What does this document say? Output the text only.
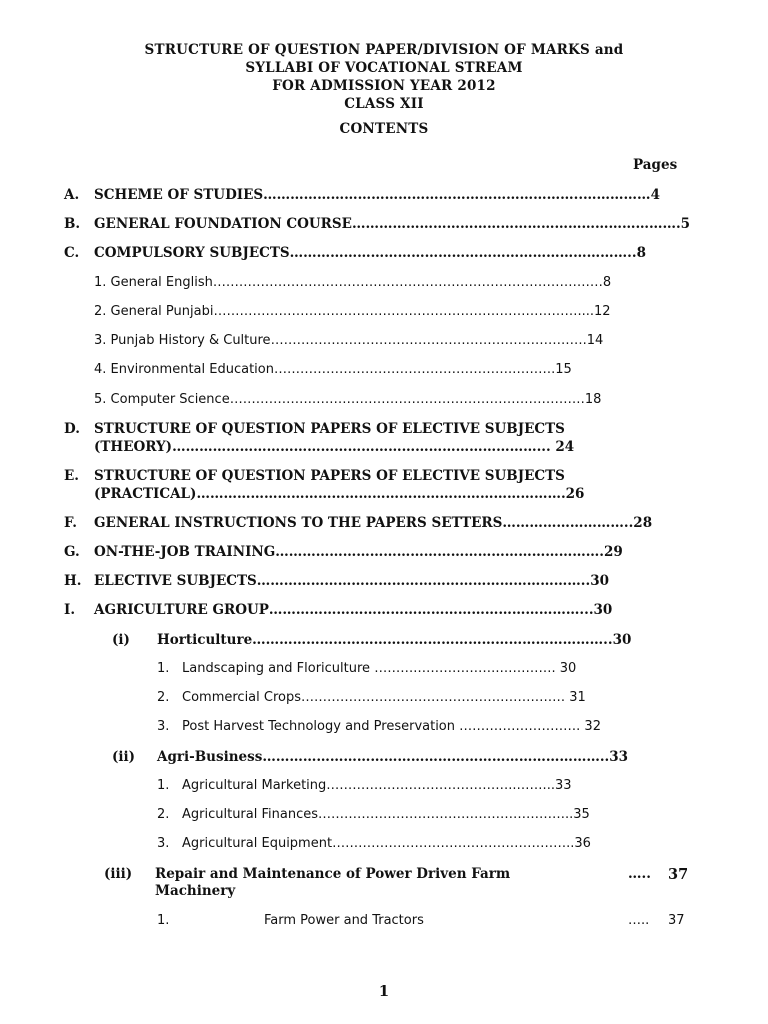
STRUCTURE OF QUESTION PAPER/DIVISION OF MARKS and
SYLLABI OF VOCATIONAL STREAM
FOR ADMISSION YEAR 2012
CLASS XII
CONTENTS
Pages
A. SCHEME OF STUDIES……………………………………………………………..……………4
B. GENERAL FOUNDATION COURSE……………………………………………………………….5
C. COMPULSORY SUBJECTS…………………………………………………………………..8
1. General English………………………………………………………………………………8
2. General Punjabi…………………………………………………………………………....12
3. Punjab History & Culture……………………………………………………………….14
4. Environmental Education……………………………………………….……….15
5. Computer Science……………….………………………………………………………18
D. STRUCTURE OF QUESTION PAPERS OF ELECTIVE SUBJECTS
(THEORY)………………………………………………………………………... 24
E. STRUCTURE OF QUESTION PAPERS OF ELECTIVE SUBJECTS
(PRACTICAL)……………………………………………………………………….26
F. GENERAL INSTRUCTIONS TO THE PAPERS SETTERS………………………..28
G. ON-THE-JOB TRAINING……………………………………………………………….29
H. ELECTIVE SUBJECTS………………………………………………………………..30
I. AGRICULTURE GROUP……………………………………………………………...30
(i) Horticulture……………………………………………………………………..30
1. Landscaping and Floriculture ……….……………….…………. 30
2. Commercial Crops……………………………………….…………… 31
3. Post Harvest Technology and Preservation ………………………. 32
(ii) Agri-Business…………………………………………………………………..33
1. Agricultural Marketing……………………………………..……...33
2. Agricultural Finances…………………………………………………..35
3. Agricultural Equipment………………………………………………..36
(iii) Repair and Maintenance of Power Driven Farm
Machinery
….. 37
1.	Farm Power and Tractors	….. 37
1
